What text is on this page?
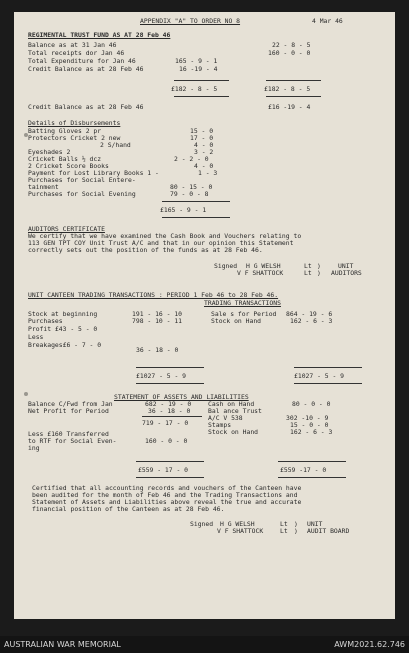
APPENDIX "A" TO ORDER NO 8	4 Mar 46
REGIMENTAL TRUST FUND AS AT 28 Feb 46
Balance as at 31 Jan 46	22 - 8 - 5
Total receipts dor Jan 46	160 - 0 - 0
Total Expenditure for Jan 46	165 - 9 - 1
Credit Balance as at 28 Feb 46	16 -19 - 4
£182 - 8 - 5	£182 - 8 - 5
Credit Balance as at 28 Feb 46	£16 -19 - 4
Details of Disbursements
Batting Gloves 2 pr	15 - 0
Protectors Cricket 2 new	17 - 0
2 S/hand	4 - 0
Eyeshades 2	3 - 2
Cricket Balls ½ dcz	2 - 2 - 0
2 Cricket Score Books	4 - 0
Payment for Lost Library Books 1 -	1 - 3
Purchases for Social Entere-
tainment	80 - 15 - 0
Purchases for Social Evening	79 - 0 - 8
£165 - 9 - 1
AUDITORS CERTIFICATE
We certify that we have examined the Cash Book and Vouchers relating to
113 GEN TPT COY Unit Trust A/C and that in our opinion this Statement
correctly sets out the position of the funds as at 28 Feb 46.
Signed H G WELSH	Lt )	UNIT
V F SHATTOCK	Lt ) AUDITORS
UNIT CANTEEN TRADING TRANSACTIONS : PERIOD 1 Feb 46 to 28 Feb 46.
TRADING TRANSACTIONS
Stock at beginning	191 - 16 - 10
Purchases	798 - 10 - 11
Profit £43 - 5 - 0
Less
Breakages£6 - 7 - 0
36 - 18 - 0
Sale s for Period 864 - 19 - 6
Stock on Hand	162 - 6 - 3
£1027 - 5 - 9	£1027 - 5 - 9
STATEMENT OF ASSETS AND LIABILITIES
Balance C/Fwd from Jan	682 - 19 - 0
Net Profit for Period	36 - 18 - 0
719 - 17 - 0
Less £160 Transferred
to RTF for Social Even-	160 - 0 - 0
ing
Cash on Hand	80 - 0 - 0
Bal ance Trust
A/C V 538	302 -10 - 9
Stamps	15 - 0 - 0
Stock on Hand	162 - 6 - 3
£559 - 17 - 0	£559 -17 - 0
Certified that all accounting records and vouchers of the Canteen have
been audited for the month of Feb 46 and the Trading Transactions and
Statement of Assets and Liabilities above reveal the true and accurate
financial position of the Canteen as at 28 Feb 46.
Signed H G WELSH	Lt ) UNIT
V F SHATTOCK	Lt ) AUDIT BOARD
AUSTRALIAN WAR MEMORIAL	AWM2021.62.746
